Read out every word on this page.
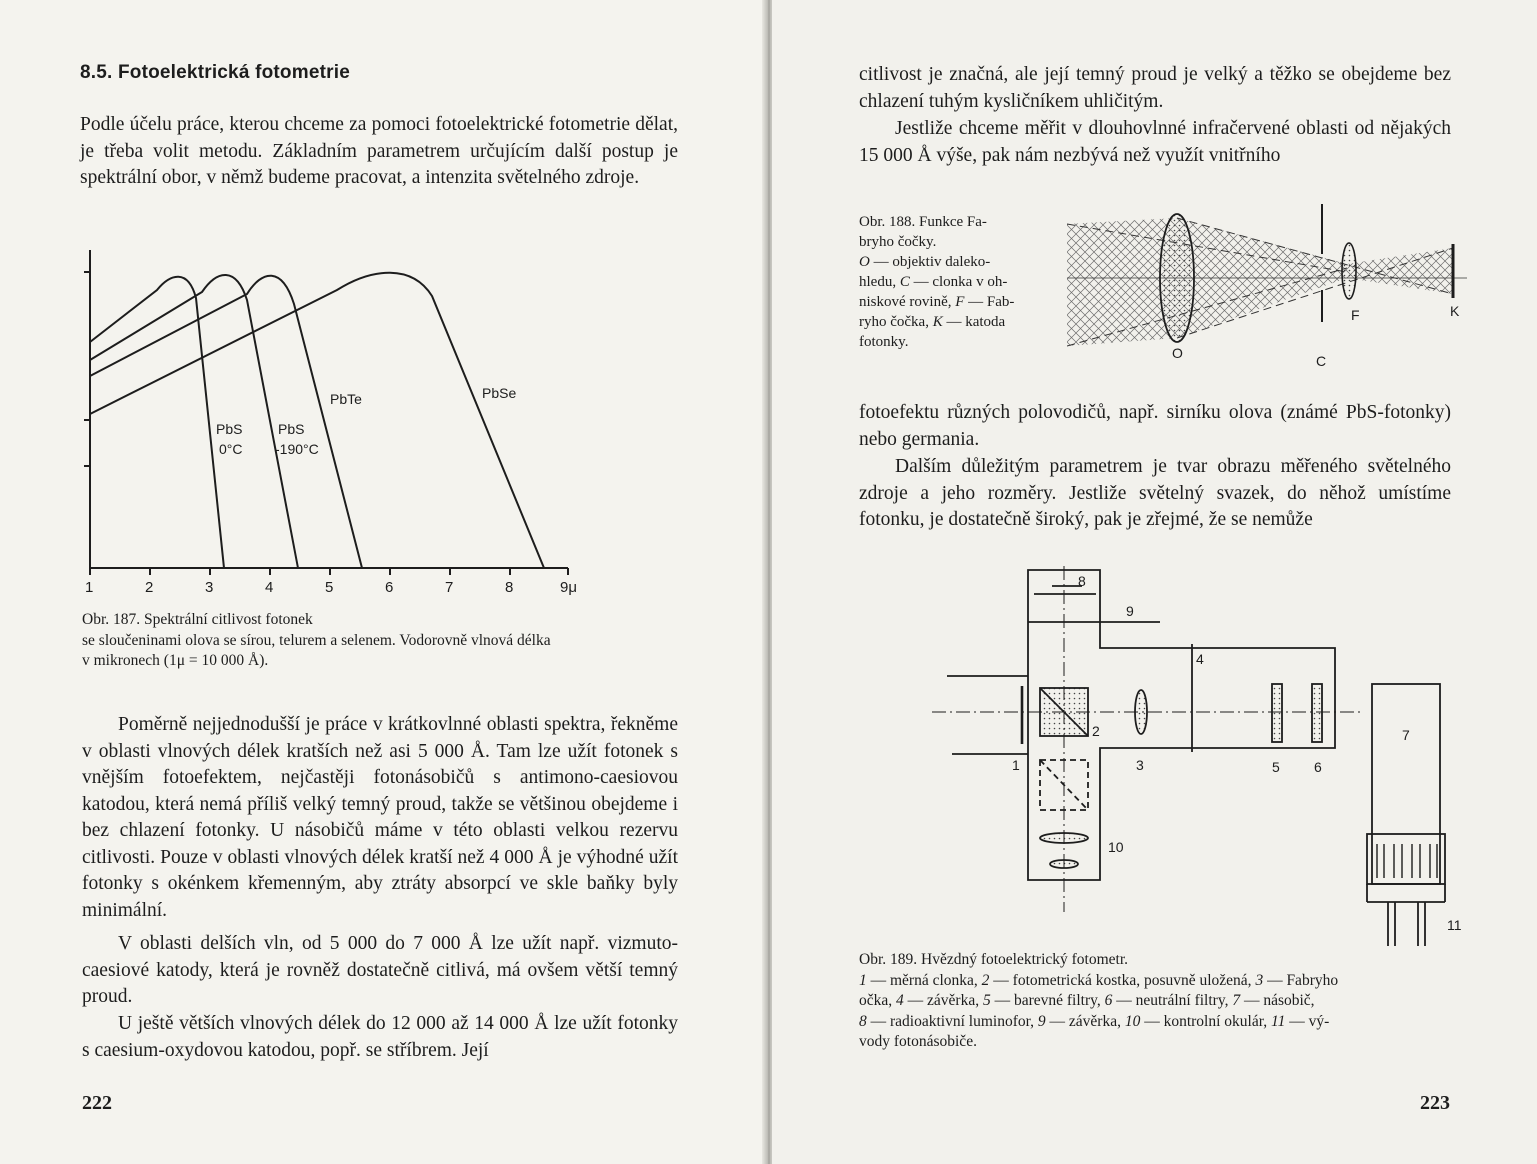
8.5. Fotoelektrická fotometrie

Podle účelu práce, kterou chceme za pomoci fotoelektrické fotometrie dělat, je třeba volit metodu. Základním parametrem určujícím další postup je spektrální obor, v němž budeme pracovat, a intenzita světelného zdroje.

PbS
0°C
PbS
-190°C
PbTe	PbSe
1	2	3	4	5	6	7	8	9μ

Obr. 187. Spektrální citlivost fotonek
se sloučeninami olova se sírou, telurem a selenem. Vodorovně vlnová délka
v mikronech (1μ = 10 000 Å).

Poměrně nejjednodušší je práce v krátkovlnné oblasti spektra, řekněme v oblasti vlnových délek kratších než asi 5 000 Å. Tam lze užít fotonek s vnějším fotoefektem, nejčastěji fotonásobičů s antimono-caesiovou katodou, která nemá příliš velký temný proud, takže se většinou obejdeme i bez chlazení fotonky. U násobičů máme v této oblasti velkou rezervu citlivosti. Pouze v oblasti vlnových délek kratší než 4 000 Å je výhodné užít fotonky s okénkem křemenným, aby ztráty absorpcí ve skle baňky byly minimální.

V oblasti delších vln, od 5 000 do 7 000 Å lze užít např. vizmuto-caesiové katody, která je rovněž dostatečně citlivá, má ovšem větší temný proud.

U ještě větších vlnových délek do 12 000 až 14 000 Å lze užít fotonky s caesium-oxydovou katodou, popř. se stříbrem. Její

222

citlivost je značná, ale její temný proud je velký a těžko se obejdeme bez chlazení tuhým kysličníkem uhličitým.

Jestliže chceme měřit v dlouhovlnné infračervené oblasti od nějakých 15 000 Å výše, pak nám nezbývá než využít vnitřního

Obr. 188. Funkce Fa-
bryho čočky.
O — objektiv daleko-
hledu, C — clonka v oh-
niskové rovině, F — Fab-
ryho čočka, K — katoda
fotonky.

O	C
F	K

fotoefektu různých polovodičů, např. sirníku olova (známé PbS-fotonky) nebo germania.

Dalším důležitým parametrem je tvar obrazu měřeného světelného zdroje a jeho rozměry. Jestliže světelný svazek, do něhož umístíme fotonku, je dostatečně široký, pak je zřejmé, že se nemůže

1
2
3
4
5 6
7
8
9
10
11

Obr. 189. Hvězdný fotoelektrický fotometr.
1 — měrná clonka, 2 — fotometrická kostka, posuvně uložená, 3 — Fabryho
očka, 4 — závěrka, 5 — barevné filtry, 6 — neutrální filtry, 7 — násobič,
8 — radioaktivní luminofor, 9 — závěrka, 10 — kontrolní okulár, 11 — vý-
vody fotonásobiče.

223
